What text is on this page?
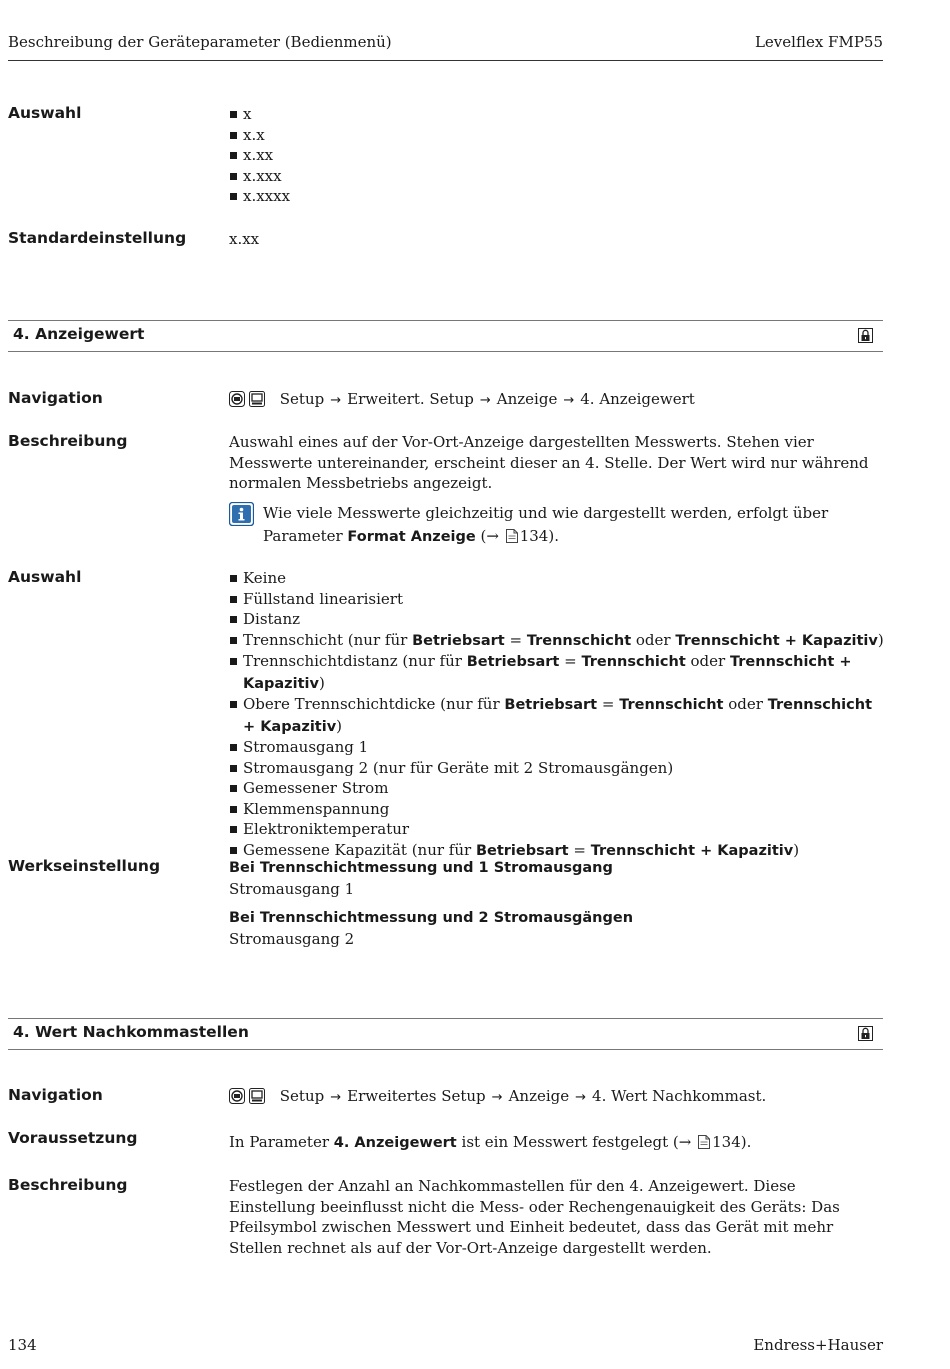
Beschreibung der Geräteparameter (Bedienmenü)	Levelflex FMP55
Auswahl	x
x.x
x.xx
x.xxx
x.xxxx
Standardeinstellung	x.xx
4. Anzeigewert
Navigation	Setup → Erweitert. Setup → Anzeige → 4. Anzeigewert
Beschreibung	Auswahl eines auf der Vor-Ort-Anzeige dargestellten Messwerts. Stehen vier Messwerte untereinander, erscheint dieser an 4. Stelle. Der Wert wird nur während normalen Messbetriebs angezeigt.
Wie viele Messwerte gleichzeitig und wie dargestellt werden, erfolgt über Parameter Format Anzeige (→ 134).
Auswahl	Keine
Füllstand linearisiert
Distanz
Trennschicht (nur für Betriebsart = Trennschicht oder Trennschicht + Kapazitiv)
Trennschichtdistanz (nur für Betriebsart = Trennschicht oder Trennschicht + Kapazitiv)
Obere Trennschichtdicke (nur für Betriebsart = Trennschicht oder Trennschicht + Kapazitiv)
Stromausgang 1
Stromausgang 2 (nur für Geräte mit 2 Stromausgängen)
Gemessener Strom
Klemmenspannung
Elektroniktemperatur
Gemessene Kapazität (nur für Betriebsart = Trennschicht + Kapazitiv)
Werkseinstellung	Bei Trennschichtmessung und 1 Stromausgang
Stromausgang 1
Bei Trennschichtmessung und 2 Stromausgängen
Stromausgang 2
4. Wert Nachkommastellen
Navigation	Setup → Erweitertes Setup → Anzeige → 4. Wert Nachkommast.
Voraussetzung	In Parameter 4. Anzeigewert ist ein Messwert festgelegt (→ 134).
Beschreibung	Festlegen der Anzahl an Nachkommastellen für den 4. Anzeigewert. Diese Einstellung beeinflusst nicht die Mess- oder Rechengenauigkeit des Geräts: Das Pfeilsymbol zwischen Messwert und Einheit bedeutet, dass das Gerät mit mehr Stellen rechnet als auf der Vor-Ort-Anzeige dargestellt werden.
134	Endress+Hauser
